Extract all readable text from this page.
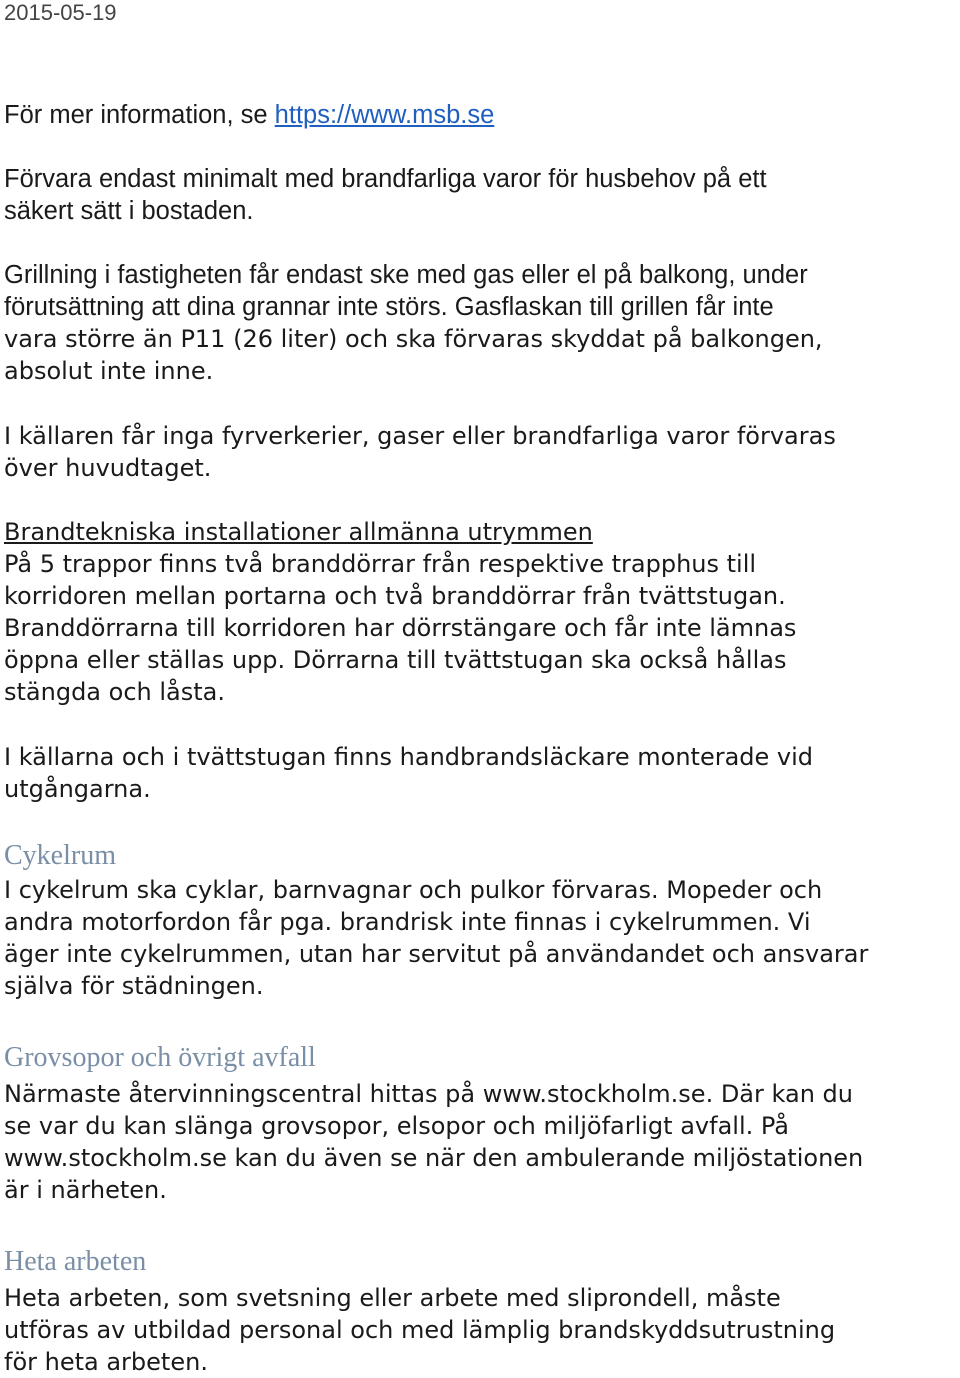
2015-05-19

För mer information, se https://www.msb.se

Förvara endast minimalt med brandfarliga varor för husbehov på ett

säkert sätt i bostaden.

Grillning i fastigheten får endast ske med gas eller el på balkong, under

förutsättning att dina grannar inte störs. Gasflaskan till grillen får inte

vara större än P11 (26 liter) och ska förvaras skyddat på balkongen,

absolut inte inne.

I källaren får inga fyrverkerier, gaser eller brandfarliga varor förvaras

över huvudtaget.

Brandtekniska installationer allmänna utrymmen

På 5 trappor finns två branddörrar från respektive trapphus till

korridoren mellan portarna och två branddörrar från tvättstugan.

Branddörrarna till korridoren har dörrstängare och får inte lämnas

öppna eller ställas upp. Dörrarna till tvättstugan ska också hållas

stängda och låsta.

I källarna och i tvättstugan finns handbrandsläckare monterade vid

utgångarna.

Cykelrum

I cykelrum ska cyklar, barnvagnar och pulkor förvaras. Mopeder och

andra motorfordon får pga. brandrisk inte finnas i cykelrummen. Vi

äger inte cykelrummen, utan har servitut på användandet och ansvarar

själva för städningen.

Grovsopor och övrigt avfall

Närmaste återvinningscentral hittas på www.stockholm.se. Där kan du

se var du kan slänga grovsopor, elsopor och miljöfarligt avfall. På

www.stockholm.se kan du även se när den ambulerande miljöstationen

är i närheten.

Heta arbeten

Heta arbeten, som svetsning eller arbete med sliprondell, måste

utföras av utbildad personal och med lämplig brandskyddsutrustning

för heta arbeten.
